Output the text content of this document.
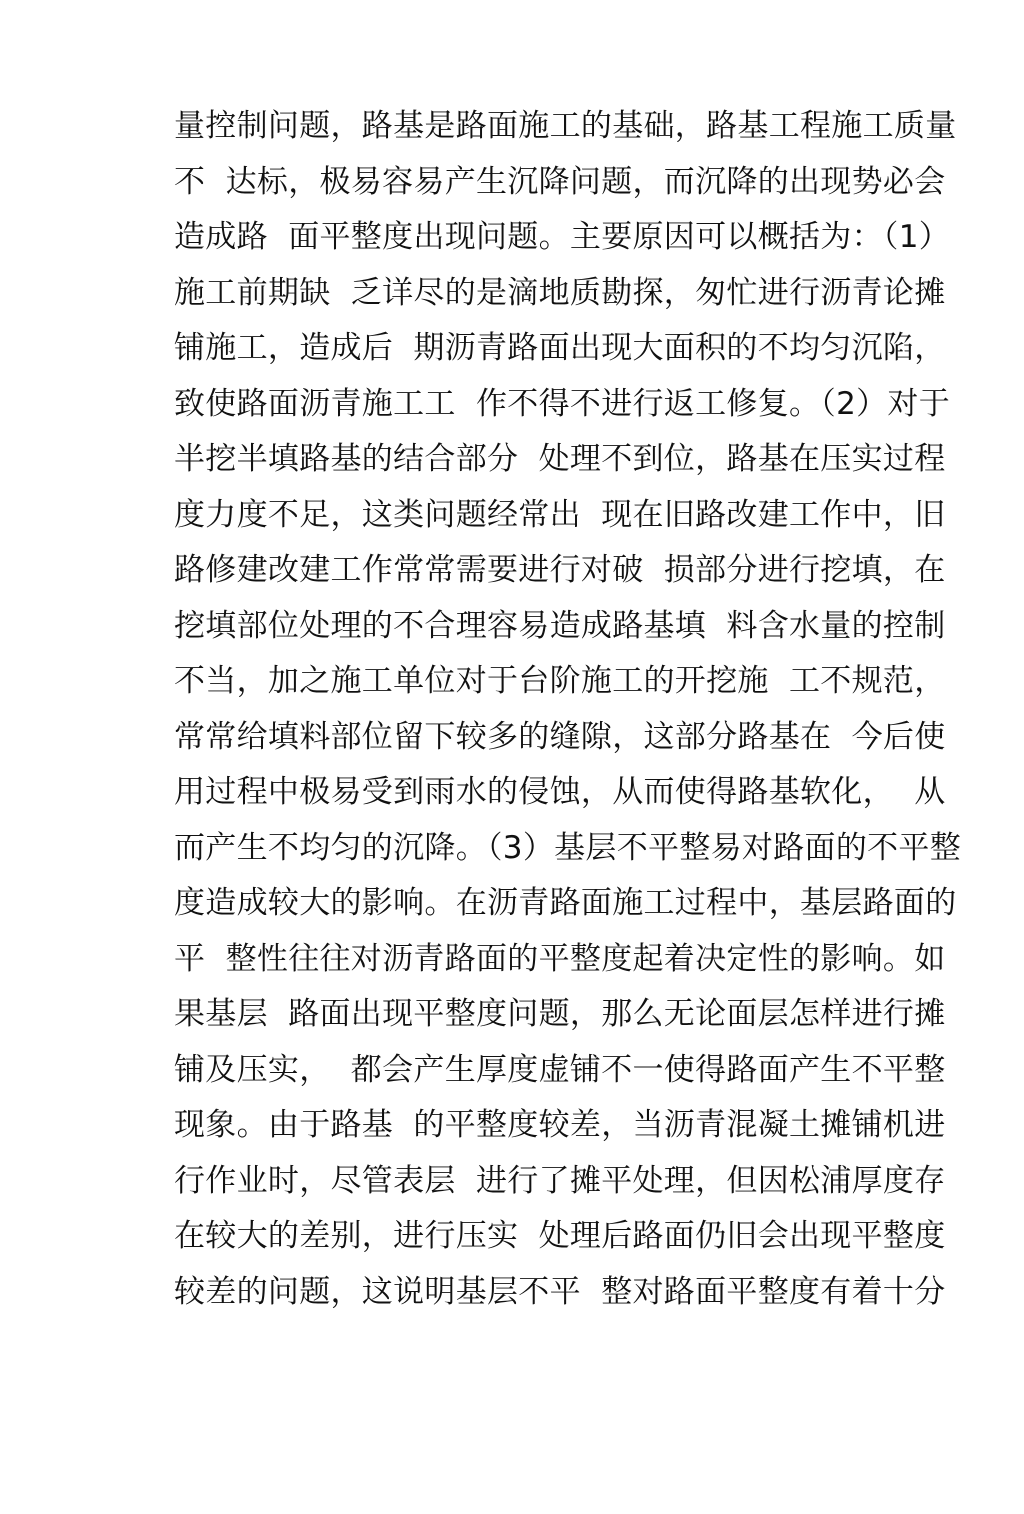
量控制问题，路基是路面施工的基础，路基工程施工质量
不  达标，极易容易产生沉降问题，而沉降的出现势必会
造成路  面平整度出现问题。主要原因可以概括为：（1）
施工前期缺  乏详尽的是滴地质勘探，匆忙进行沥青论摊
铺施工，造成后  期沥青路面出现大面积的不均匀沉陷，
致使路面沥青施工工  作不得不进行返工修复。（2）对于
半挖半填路基的结合部分  处理不到位，路基在压实过程
度力度不足，这类问题经常出  现在旧路改建工作中，旧
路修建改建工作常常需要进行对破  损部分进行挖填，在
挖填部位处理的不合理容易造成路基填  料含水量的控制
不当，加之施工单位对于台阶施工的开挖施  工不规范，
常常给填料部位留下较多的缝隙，这部分路基在  今后使
用过程中极易受到雨水的侵蚀，从而使得路基软化，  从
而产生不均匀的沉降。（3）基层不平整易对路面的不平整
度造成较大的影响。在沥青路面施工过程中，基层路面的
平  整性往往对沥青路面的平整度起着决定性的影响。如
果基层  路面出现平整度问题，那么无论面层怎样进行摊
铺及压实，  都会产生厚度虚铺不一使得路面产生不平整
现象。由于路基  的平整度较差，当沥青混凝土摊铺机进
行作业时，尽管表层  进行了摊平处理，但因松浦厚度存
在较大的差别，进行压实  处理后路面仍旧会出现平整度
较差的问题，这说明基层不平  整对路面平整度有着十分
